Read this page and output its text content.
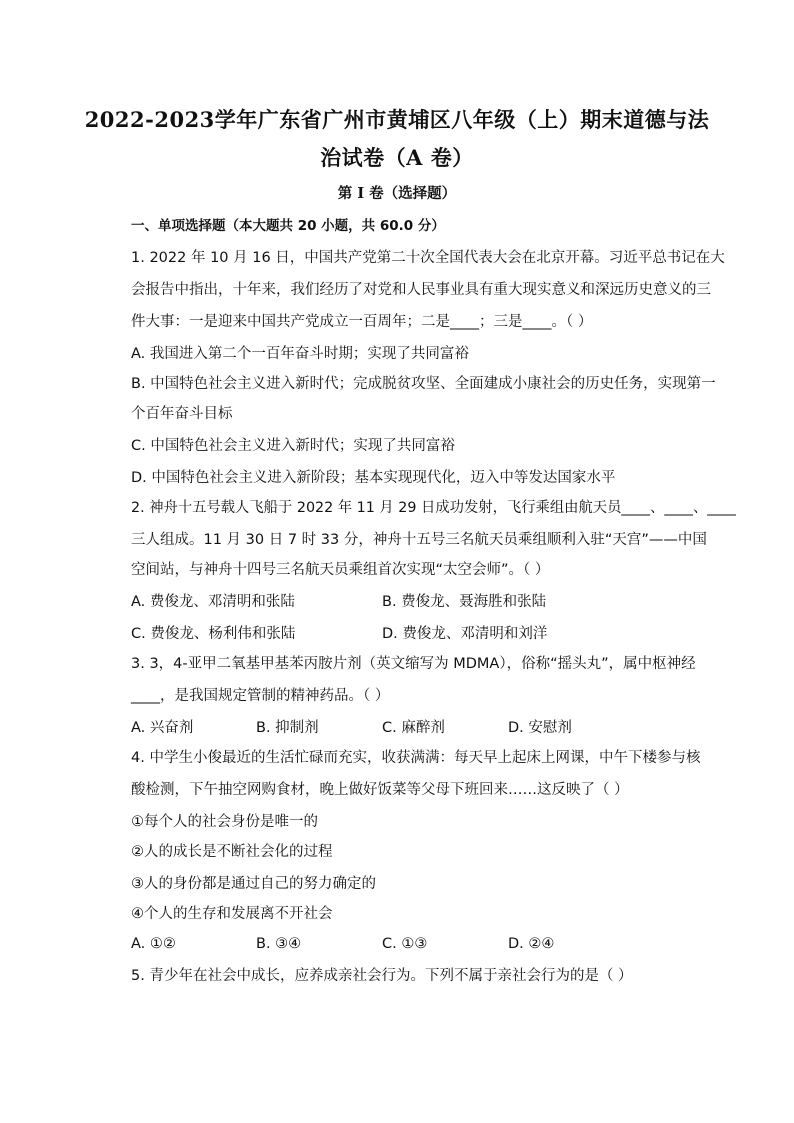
2022-2023学年广东省广州市黄埔区八年级（上）期末道德与法
治试卷（A 卷）
第 I 卷（选择题）
一、单项选择题（本大题共 20 小题，共 60.0 分）
1. 2022 年 10 月 16 日，中国共产党第二十次全国代表大会在北京开幕。习近平总书记在大
会报告中指出，十年来，我们经历了对党和人民事业具有重大现实意义和深远历史意义的三
件大事：一是迎来中国共产党成立一百周年；二是____；三是____。（ ）
A. 我国进入第二个一百年奋斗时期；实现了共同富裕
B. 中国特色社会主义进入新时代；完成脱贫攻坚、全面建成小康社会的历史任务，实现第一
个百年奋斗目标
C. 中国特色社会主义进入新时代；实现了共同富裕
D. 中国特色社会主义进入新阶段；基本实现现代化，迈入中等发达国家水平
2. 神舟十五号载人飞船于 2022 年 11 月 29 日成功发射，飞行乘组由航天员____、____、____
三人组成。11 月 30 日 7 时 33 分，神舟十五号三名航天员乘组顺利入驻“天宫”——中国
空间站，与神舟十四号三名航天员乘组首次实现“太空会师”。（ ）
A. 费俊龙、邓清明和张陆	B. 费俊龙、聂海胜和张陆
C. 费俊龙、杨利伟和张陆	D. 费俊龙、邓清明和刘洋
3. 3，4-亚甲二氧基甲基苯丙胺片剂（英文缩写为 MDMA），俗称“摇头丸”，属中枢神经
____，是我国规定管制的精神药品。（ ）
A. 兴奋剂	B. 抑制剂	C. 麻醉剂	D. 安慰剂
4. 中学生小俊最近的生活忙碌而充实，收获满满：每天早上起床上网课，中午下楼参与核
酸检测，下午抽空网购食材，晚上做好饭菜等父母下班回来……这反映了（ ）
①每个人的社会身份是唯一的
②人的成长是不断社会化的过程
③人的身份都是通过自己的努力确定的
④个人的生存和发展离不开社会
A. ①②	B. ③④	C. ①③	D. ②④
5. 青少年在社会中成长，应养成亲社会行为。下列不属于亲社会行为的是（ ）
